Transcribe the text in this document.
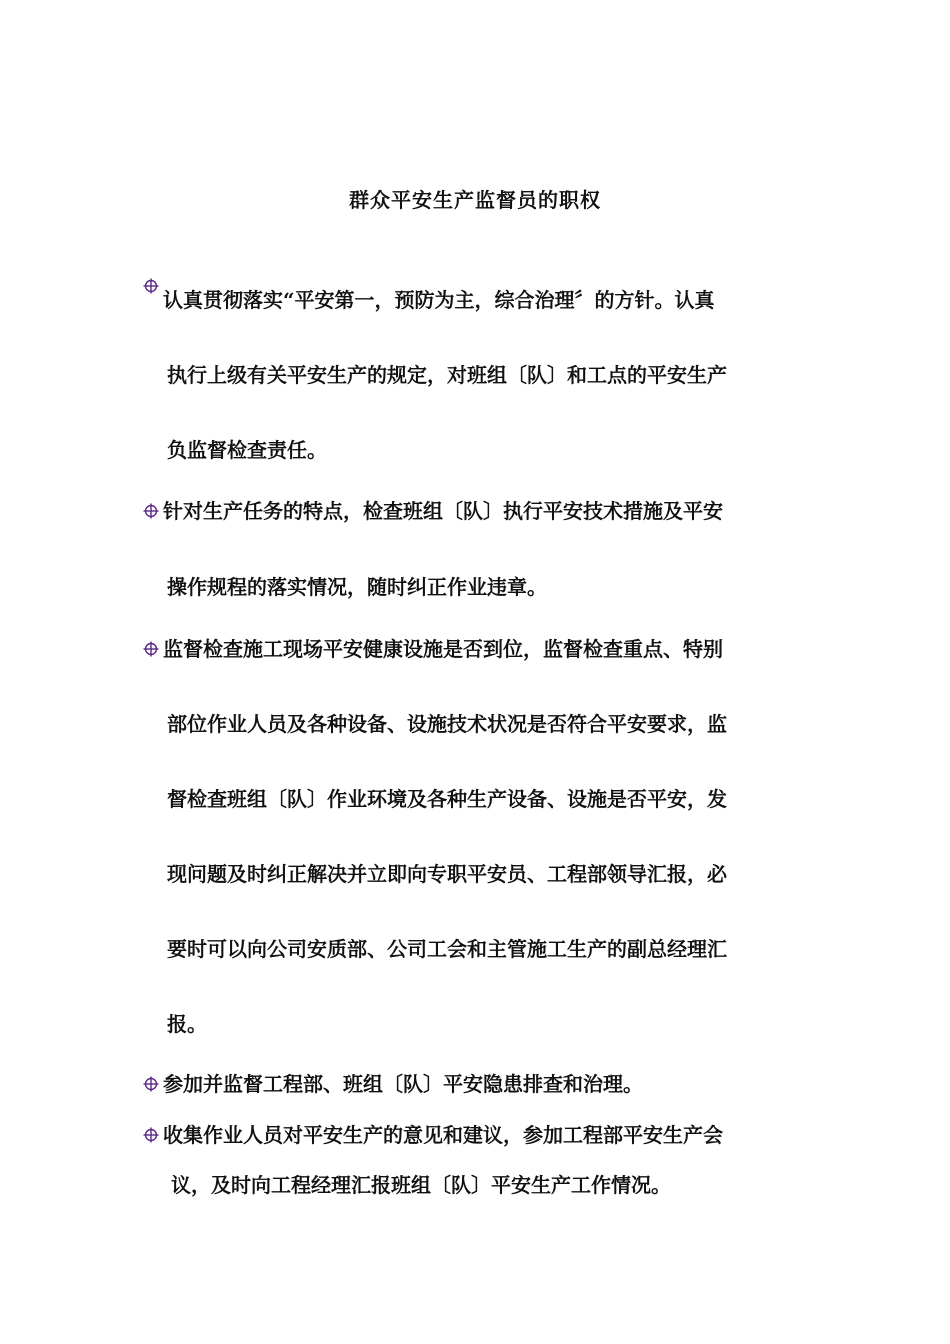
群众平安生产监督员的职权
认真贯彻落实“平安第一，预防为主，综合治理〞的方针。认真
执行上级有关平安生产的规定，对班组〔队〕和工点的平安生产
负监督检查责任。
针对生产任务的特点，检查班组〔队〕执行平安技术措施及平安
操作规程的落实情况，随时纠正作业违章。
监督检查施工现场平安健康设施是否到位，监督检查重点、特别
部位作业人员及各种设备、设施技术状况是否符合平安要求，监
督检查班组〔队〕作业环境及各种生产设备、设施是否平安，发
现问题及时纠正解决并立即向专职平安员、工程部领导汇报，必
要时可以向公司安质部、公司工会和主管施工生产的副总经理汇
报。
参加并监督工程部、班组〔队〕平安隐患排查和治理。
收集作业人员对平安生产的意见和建议，参加工程部平安生产会
议，及时向工程经理汇报班组〔队〕平安生产工作情况。
